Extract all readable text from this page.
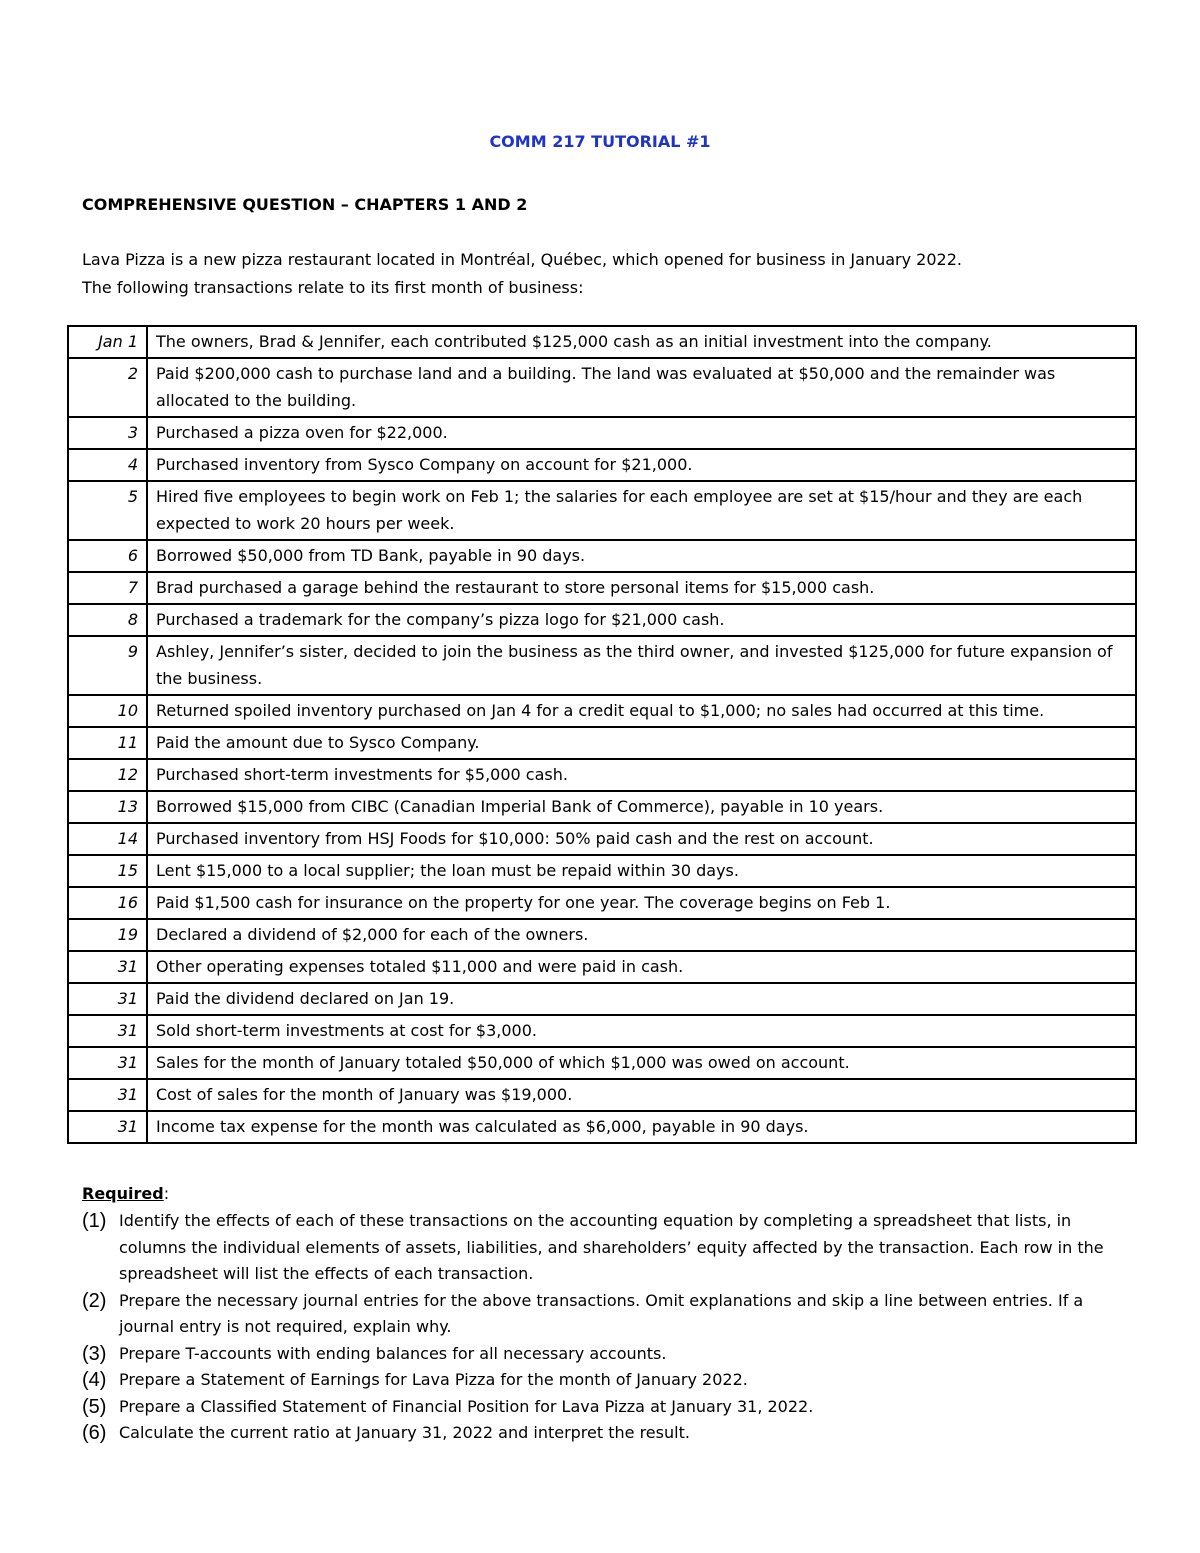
COMM 217 TUTORIAL #1
COMPREHENSIVE QUESTION – CHAPTERS 1 AND 2
Lava Pizza is a new pizza restaurant located in Montréal, Québec, which opened for business in January 2022.
The following transactions relate to its first month of business:
Jan 1	The owners, Brad & Jennifer, each contributed $125,000 cash as an initial investment into the company.
2	Paid $200,000 cash to purchase land and a building. The land was evaluated at $50,000 and the remainder was allocated to the building.
3	Purchased a pizza oven for $22,000.
4	Purchased inventory from Sysco Company on account for $21,000.
5	Hired five employees to begin work on Feb 1; the salaries for each employee are set at $15/hour and they are each expected to work 20 hours per week.
6	Borrowed $50,000 from TD Bank, payable in 90 days.
7	Brad purchased a garage behind the restaurant to store personal items for $15,000 cash.
8	Purchased a trademark for the company’s pizza logo for $21,000 cash.
9	Ashley, Jennifer’s sister, decided to join the business as the third owner, and invested $125,000 for future expansion of the business.
10	Returned spoiled inventory purchased on Jan 4 for a credit equal to $1,000; no sales had occurred at this time.
11	Paid the amount due to Sysco Company.
12	Purchased short-term investments for $5,000 cash.
13	Borrowed $15,000 from CIBC (Canadian Imperial Bank of Commerce), payable in 10 years.
14	Purchased inventory from HSJ Foods for $10,000: 50% paid cash and the rest on account.
15	Lent $15,000 to a local supplier; the loan must be repaid within 30 days.
16	Paid $1,500 cash for insurance on the property for one year. The coverage begins on Feb 1.
19	Declared a dividend of $2,000 for each of the owners.
31	Other operating expenses totaled $11,000 and were paid in cash.
31	Paid the dividend declared on Jan 19.
31	Sold short-term investments at cost for $3,000.
31	Sales for the month of January totaled $50,000 of which $1,000 was owed on account.
31	Cost of sales for the month of January was $19,000.
31	Income tax expense for the month was calculated as $6,000, payable in 90 days.
Required:
(1) Identify the effects of each of these transactions on the accounting equation by completing a spreadsheet that lists, in columns the individual elements of assets, liabilities, and shareholders’ equity affected by the transaction. Each row in the spreadsheet will list the effects of each transaction.
(2) Prepare the necessary journal entries for the above transactions. Omit explanations and skip a line between entries. If a journal entry is not required, explain why.
(3) Prepare T-accounts with ending balances for all necessary accounts.
(4) Prepare a Statement of Earnings for Lava Pizza for the month of January 2022.
(5) Prepare a Classified Statement of Financial Position for Lava Pizza at January 31, 2022.
(6) Calculate the current ratio at January 31, 2022 and interpret the result.
